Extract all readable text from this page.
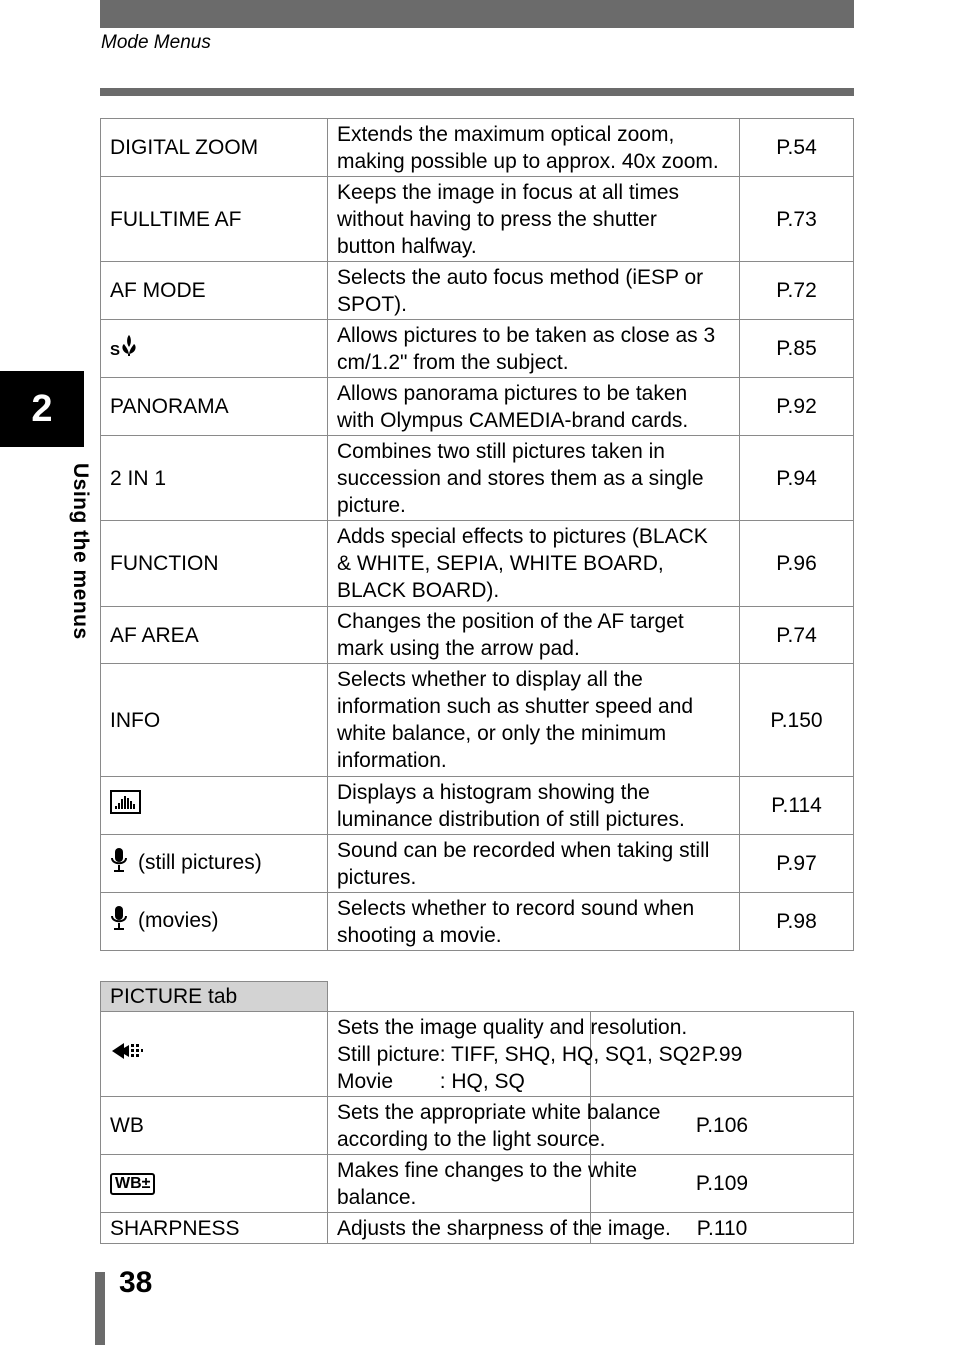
Mode Menus
2
Using the menus
DIGITAL ZOOM	Extends the maximum optical zoom,
making possible up to approx. 40x zoom.	P.54
FULLTIME AF	Keeps the image in focus at all times
without having to press the shutter
button halfway.	P.73
AF MODE	Selects the auto focus method (iESP or
SPOT).	P.72

S	Allows pictures to be taken as close as 3
cm/1.2" from the subject.	P.85
PANORAMA	Allows panorama pictures to be taken
with Olympus CAMEDIA-brand cards.	P.92
2 IN 1	Combines two still pictures taken in
succession and stores them as a single
picture.	P.94
FUNCTION	Adds special effects to pictures (BLACK
& WHITE, SEPIA, WHITE BOARD,
BLACK BOARD).	P.96
AF AREA	Changes the position of the AF target
mark using the arrow pad.	P.74
INFO	Selects whether to display all the
information such as shutter speed and
white balance, or only the minimum
information.	P.150

Displays a histogram showing the
luminance distribution of still pictures.	P.114
(still pictures)	Sound can be recorded when taking still
pictures.	P.97
(movies)	Selects whether to record sound when
shooting a movie.	P.98
PICTURE tab		

Sets the image quality and resolution.
Still picture: TIFF, SHQ, HQ, SQ1, SQ2
Movie        : HQ, SQ	P.99
WB	Sets the appropriate white balance
according to the light source.	P.106
WB±	Makes fine changes to the white
balance.	P.109
SHARPNESS	Adjusts the sharpness of the image.	P.110
38
